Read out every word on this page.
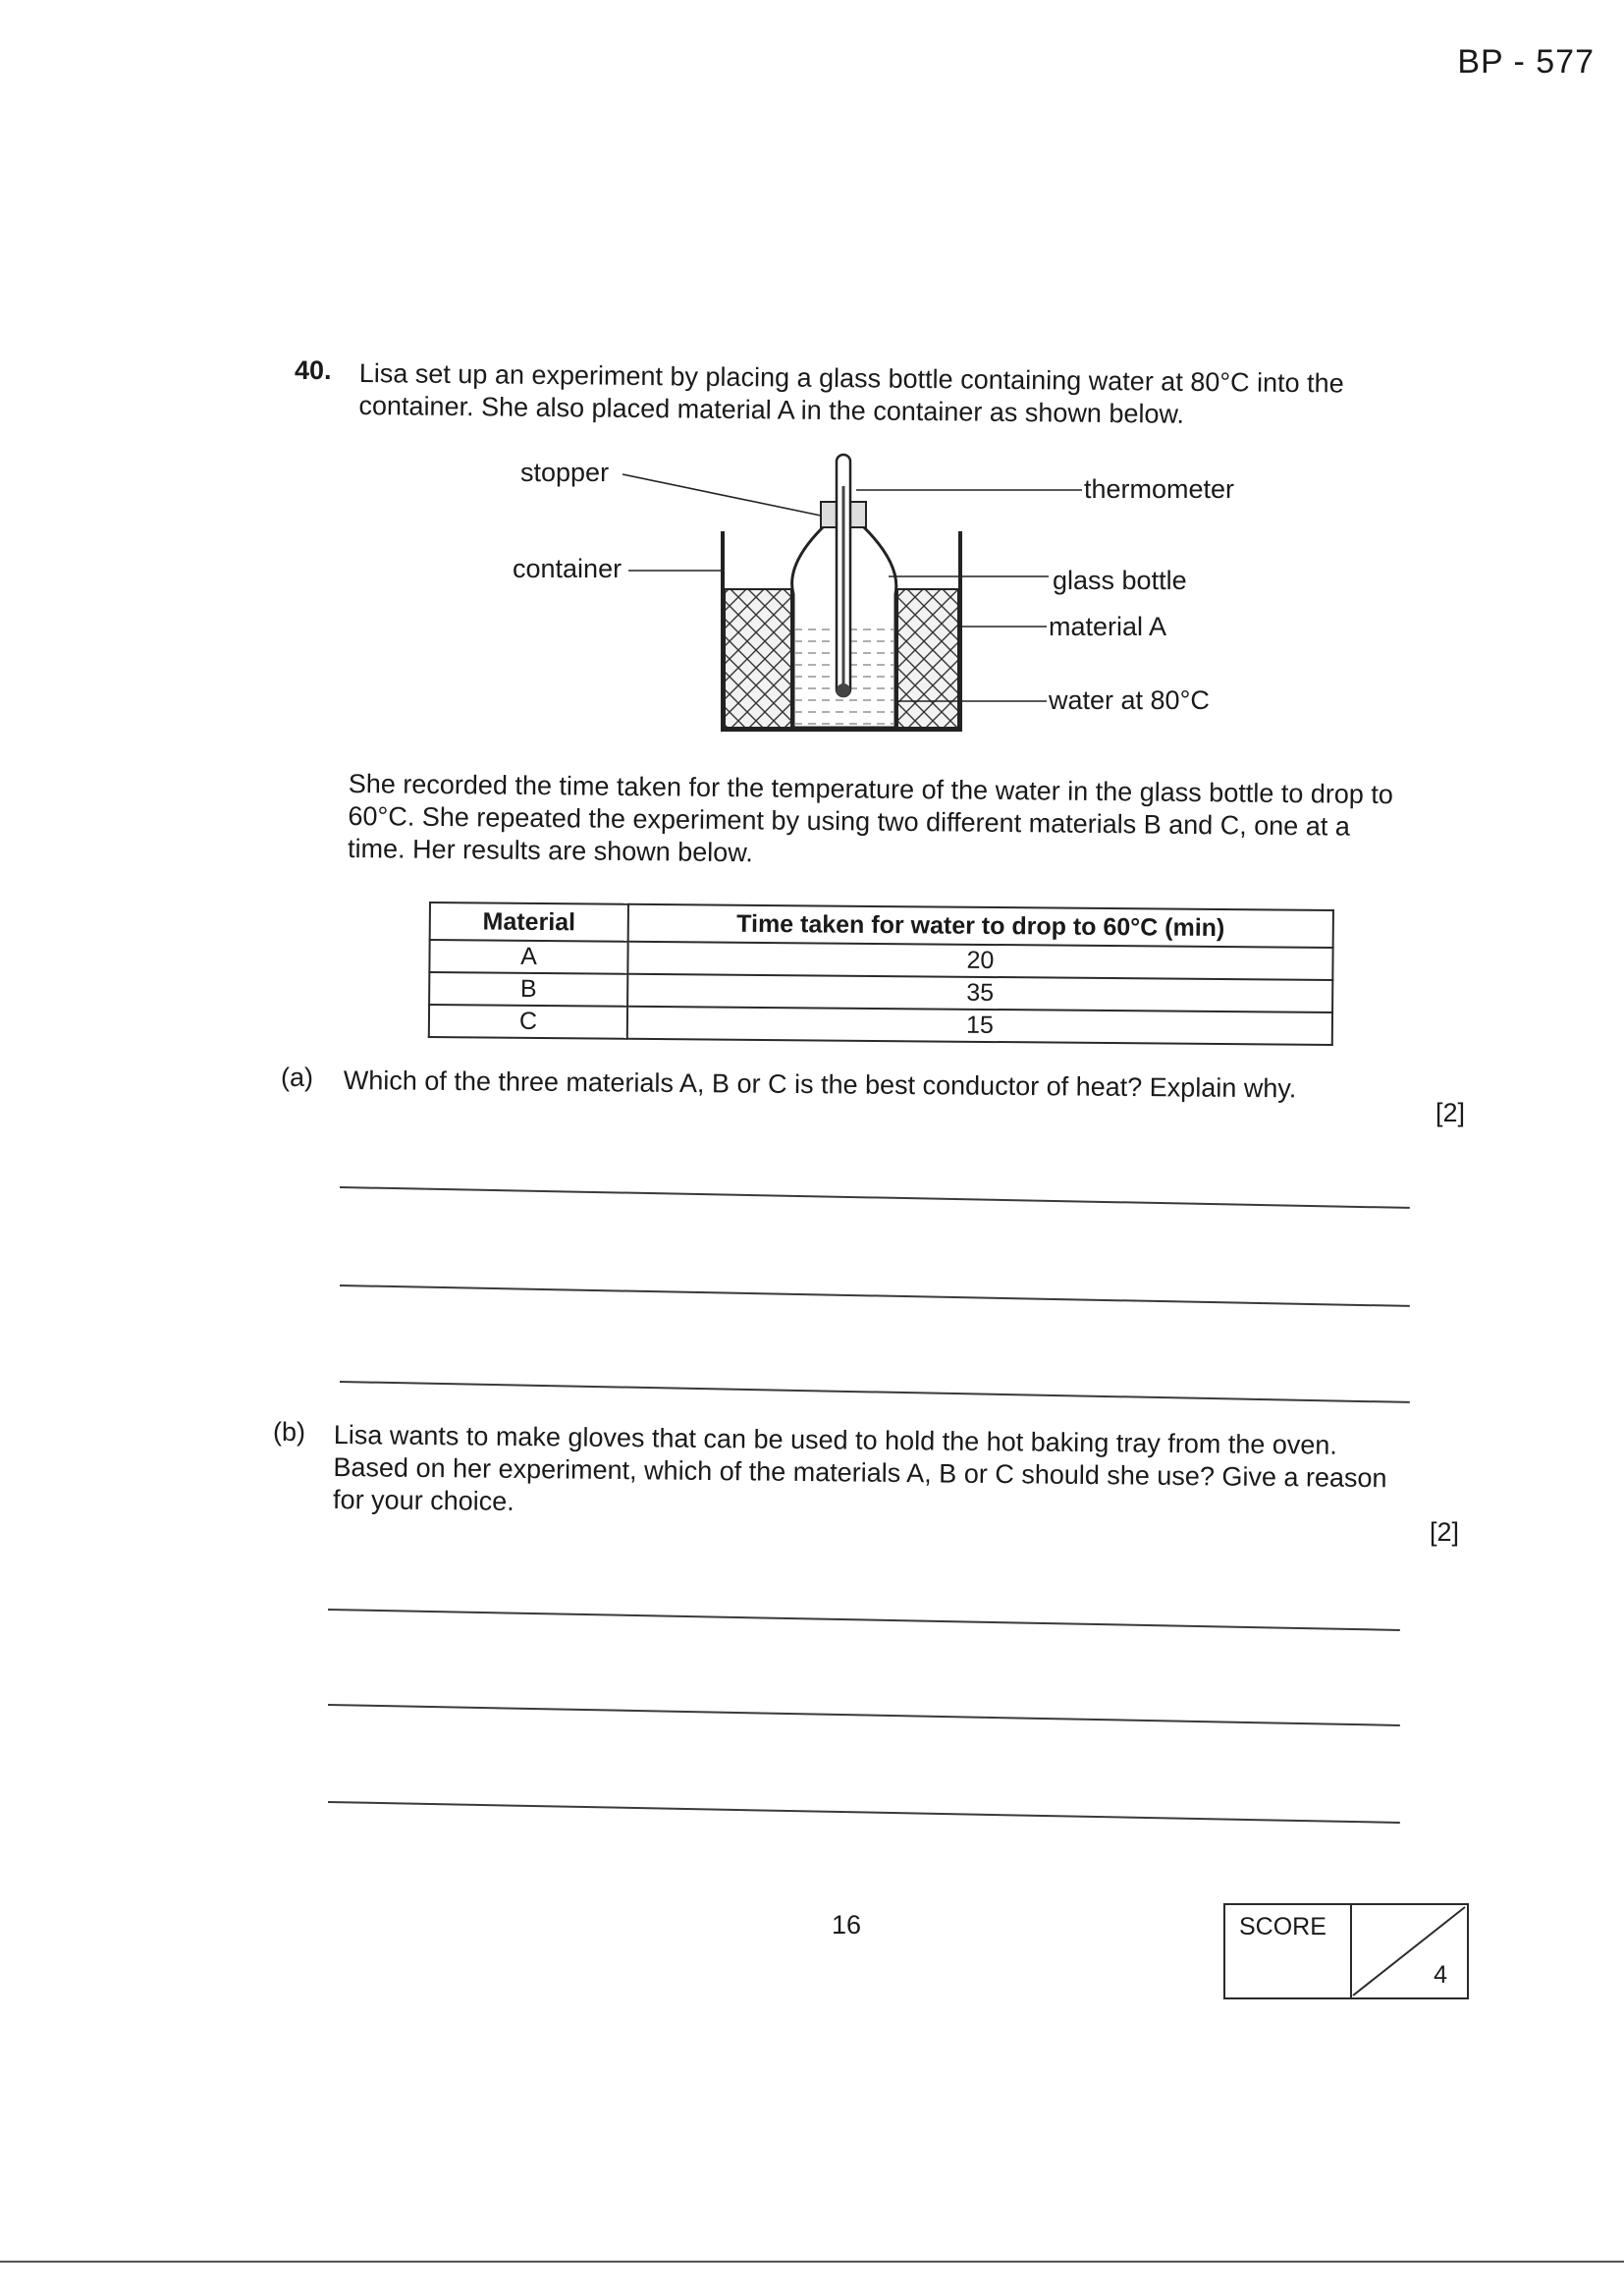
BP - 577
40. Lisa set up an experiment by placing a glass bottle containing water at 80°C into the container. She also placed material A in the container as shown below.
stopper
container
thermometer
glass bottle
material A
water at 80°C
She recorded the time taken for the temperature of the water in the glass bottle to drop to 60°C. She repeated the experiment by using two different materials B and C, one at a time. Her results are shown below.
Material	Time taken for water to drop to 60°C (min)
A	20
B	35
C	15
(a) Which of the three materials A, B or C is the best conductor of heat? Explain why.
[2]
(b) Lisa wants to make gloves that can be used to hold the hot baking tray from the oven. Based on her experiment, which of the materials A, B or C should she use? Give a reason for your choice.
[2]
16	SCORE
4
